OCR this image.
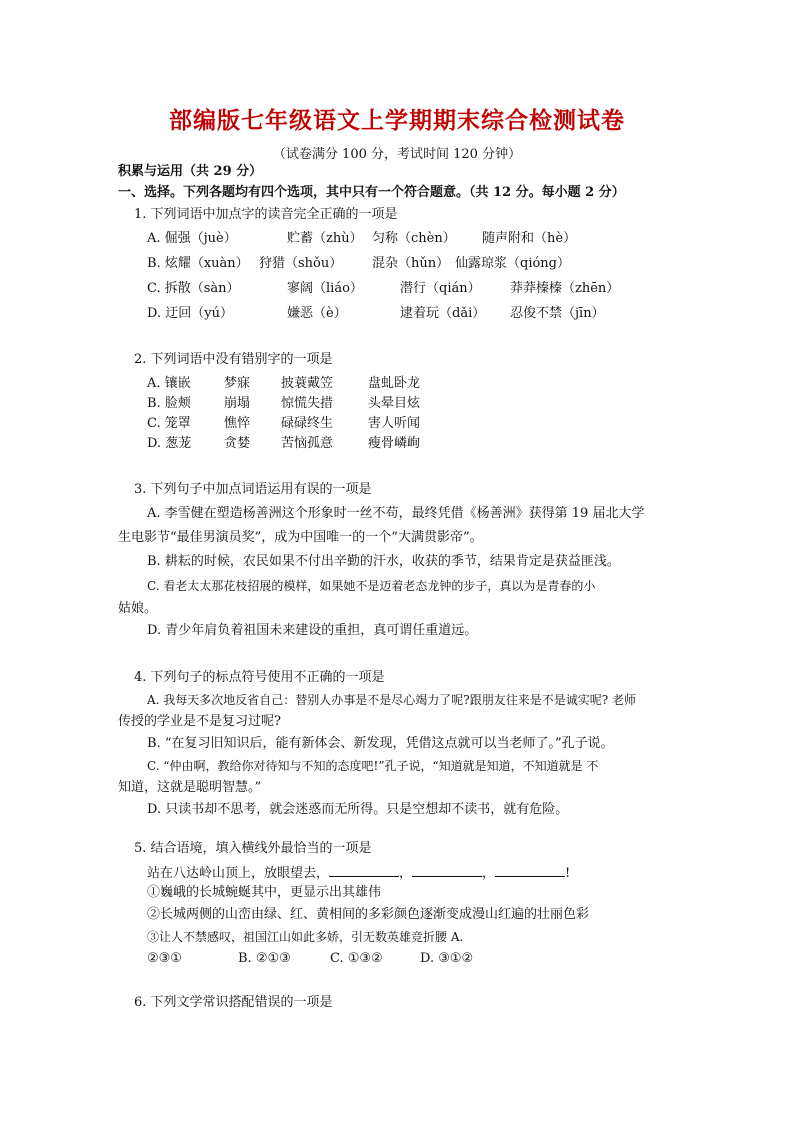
部编版七年级语文上学期期末综合检测试卷
（试卷满分 100 分，考试时间 120 分钟）
积累与运用（共 29 分）
一、选择。下列各题均有四个选项，其中只有一个符合题意。（共 12 分。每小题 2 分）
1. 下列词语中加点字的读音完全正确的一项是
A. 倔强（juè）	贮蓄（zhù） 匀称（chèn） 随声附和（hè）
B. 炫耀（xuàn） 狩猎（shǒu） 混杂（hǔn） 仙露琼浆（qióng）
C. 拆散（sàn）	寥阔（liáo）	潜行（qián） 莽莽榛榛（zhēn）
D. 迂回（yú）	嫌恶（è）	逮着玩（dǎi） 忍俊不禁（jīn）
2. 下列词语中没有错别字的一项是
A. 镶嵌	梦寐 披蓑戴笠	盘虬卧龙
B. 脸颊	崩塌 惊慌失措	头晕目炫
C. 笼罩	憔悴 碌碌终生	害人听闻
D. 葱茏	贪婪 苦恼孤意	瘦骨嶙峋
3. 下列句子中加点词语运用有误的一项是
A. 李雪健在塑造杨善洲这个形象时一丝不苟，最终凭借《杨善洲》获得第 19 届北大学
生电影节“最佳男演员奖”，成为中国唯一的一个“大满贯影帝”。
B. 耕耘的时候，农民如果不付出辛勤的汗水，收获的季节，结果肯定是获益匪浅。
C. 看老太太那花枝招展的模样，如果她不是迈着老态龙钟的步子，真以为是青春的小
姑娘。
D. 青少年肩负着祖国未来建设的重担，真可谓任重道远。
4. 下列句子的标点符号使用不正确的一项是
A. 我每天多次地反省自己：替别人办事是不是尽心竭力了呢?跟朋友往来是不是诚实呢? 老师
传授的学业是不是复习过呢?
B. “在复习旧知识后，能有新体会、新发现，凭借这点就可以当老师了。”孔子说。
C. “仲由啊，教给你对待知与不知的态度吧!”孔子说，“知道就是知道，不知道就是 不
知道，这就是聪明智慧。”
D. 只读书却不思考，就会迷惑而无所得。只是空想却不读书，就有危险。
5. 结合语境，填入横线外最恰当的一项是
站在八达岭山顶上，放眼望去，	，	，	!
①巍峨的长城蜿蜒其中，更显示出其雄伟
②长城两侧的山峦由绿、红、黄相间的多彩颜色逐渐变成漫山红遍的壮丽色彩
③让人不禁感叹，祖国江山如此多娇，引无数英雄竞折腰 A.
②③①	B. ②①③	C. ①③②	D. ③①②
6. 下列文学常识搭配错误的一项是
